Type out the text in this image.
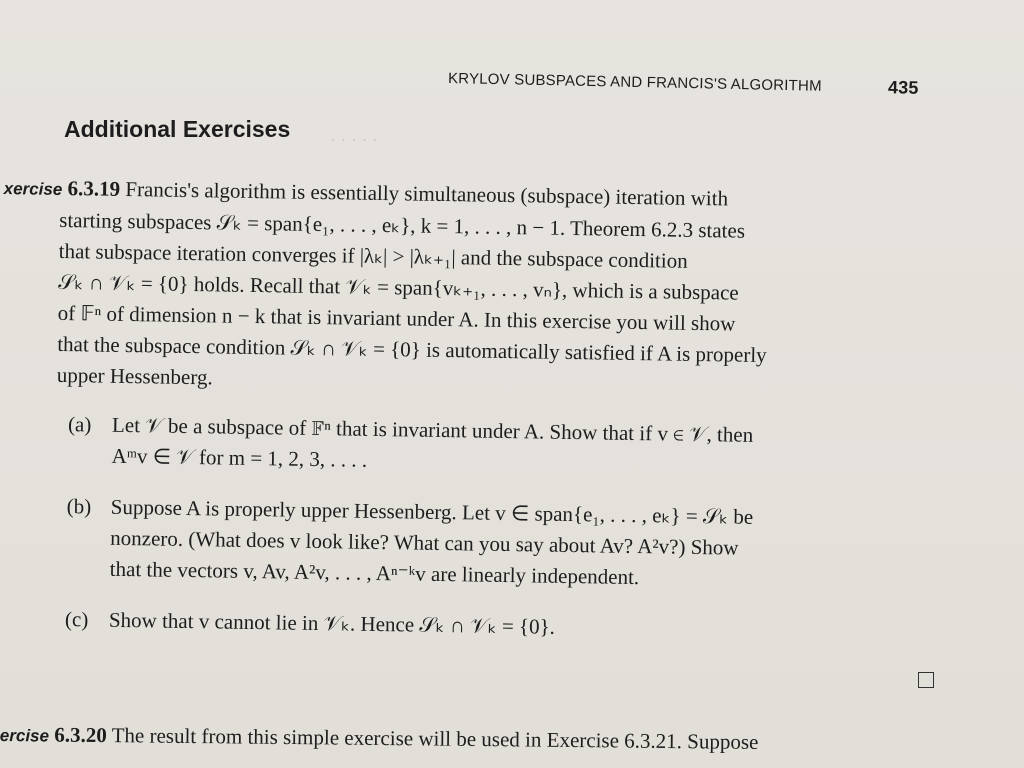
· · · · ·
KRYLOV SUBSPACES AND FRANCIS'S ALGORITHM	435
Additional Exercises
xercise 6.3.19 Francis's algorithm is essentially simultaneous (subspace) iteration with
starting subspaces 𝒮ₖ = span{e₁, . . . , eₖ}, k = 1, . . . , n − 1. Theorem 6.2.3 states
that subspace iteration converges if |λₖ| > |λₖ₊₁| and the subspace condition
𝒮ₖ ∩ 𝒱ₖ = {0} holds. Recall that 𝒱ₖ = span{vₖ₊₁, . . . , vₙ}, which is a subspace
of 𝔽ⁿ of dimension n − k that is invariant under A. In this exercise you will show
that the subspace condition 𝒮ₖ ∩ 𝒱ₖ = {0} is automatically satisfied if A is properly
upper Hessenberg.
(a) Let 𝒱 be a subspace of 𝔽ⁿ that is invariant under A. Show that if v ∈ 𝒱, then
Aᵐv ∈ 𝒱 for m = 1, 2, 3, . . . .
(b) Suppose A is properly upper Hessenberg. Let v ∈ span{e₁, . . . , eₖ} = 𝒮ₖ be
nonzero. (What does v look like? What can you say about Av? A²v?) Show
that the vectors v, Av, A²v, . . . , Aⁿ⁻ᵏv are linearly independent.
(c) Show that v cannot lie in 𝒱ₖ. Hence 𝒮ₖ ∩ 𝒱ₖ = {0}.
ercise 6.3.20 The result from this simple exercise will be used in Exercise 6.3.21. Suppose
